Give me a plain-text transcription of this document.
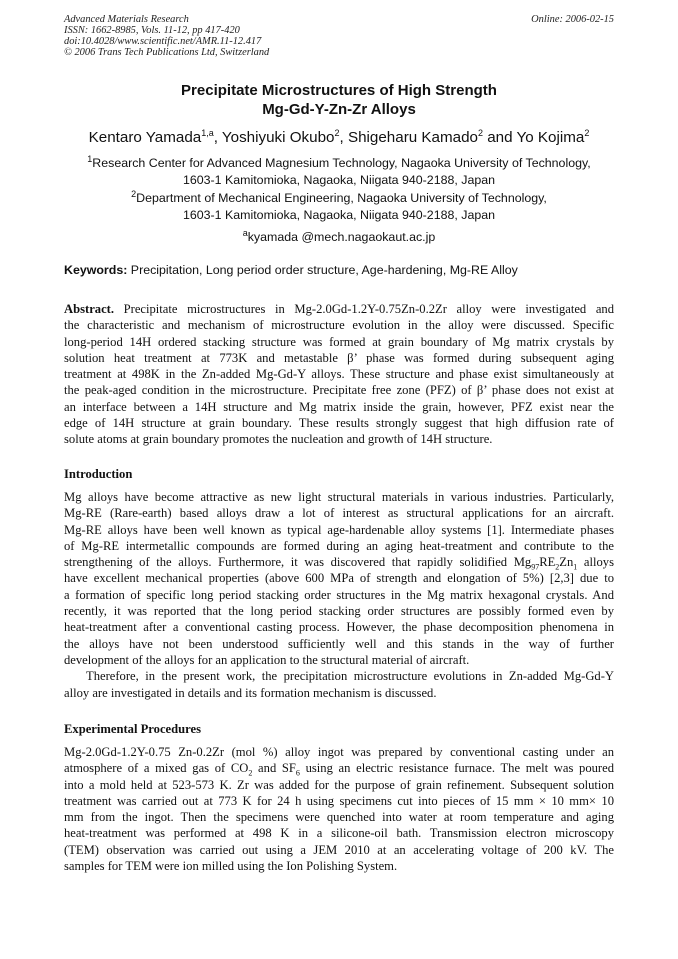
Advanced Materials Research
ISSN: 1662-8985, Vols. 11-12, pp 417-420
doi:10.4028/www.scientific.net/AMR.11-12.417
© 2006 Trans Tech Publications Ltd, Switzerland
Online: 2006-02-15
Precipitate Microstructures of High Strength
Mg-Gd-Y-Zn-Zr Alloys
Kentaro Yamada$^{1,a}$, Yoshiyuki Okubo$^2$, Shigeharu Kamado$^2$ and Yo Kojima$^2$
$^1$Research Center for Advanced Magnesium Technology, Nagaoka University of Technology,
1603-1 Kamitomioka, Nagaoka, Niigata 940-2188, Japan
$^2$Department of Mechanical Engineering, Nagaoka University of Technology,
1603-1 Kamitomioka, Nagaoka, Niigata 940-2188, Japan
$^a$kyamada @mech.nagaokaut.ac.jp
Keywords: Precipitation, Long period order structure, Age-hardening, Mg-RE Alloy
Abstract. Precipitate microstructures in Mg-2.0Gd-1.2Y-0.75Zn-0.2Zr alloy were investigated and
the characteristic and mechanism of microstructure evolution in the alloy were discussed. Specific
long-period 14H ordered stacking structure was formed at grain boundary of Mg matrix crystals by
solution heat treatment at 773K and metastable β’ phase was formed during subsequent aging
treatment at 498K in the Zn-added Mg-Gd-Y alloys. These structure and phase exist simultaneously at
the peak-aged condition in the microstructure. Precipitate free zone (PFZ) of β’ phase does not exist at
an interface between a 14H structure and Mg matrix inside the grain, however, PFZ exist near the
edge of 14H structure at grain boundary. These results strongly suggest that high diffusion rate of
solute atoms at grain boundary promotes the nucleation and growth of 14H structure.
Introduction
Mg alloys have become attractive as new light structural materials in various industries. Particularly,
Mg-RE (Rare-earth) based alloys draw a lot of interest as structural applications for an aircraft.
Mg-RE alloys have been well known as typical age-hardenable alloy systems [1]. Intermediate phases
of Mg-RE intermetallic compounds are formed during an aging heat-treatment and contribute to the
strengthening of the alloys. Furthermore, it was discovered that rapidly solidified $Mg_{97}RE_2Zn_1$ alloys
have excellent mechanical properties (above 600 MPa of strength and elongation of 5%) [2,3] due to
a formation of specific long period stacking order structures in the Mg matrix hexagonal crystals. And
recently, it was reported that the long period stacking order structures are possibly formed even by
heat-treatment after a conventional casting process. However, the phase decomposition phenomena in
the alloys have not been understood sufficiently well and this stands in the way of further
development of the alloys for an application to the structural material of aircraft.
Therefore, in the present work, the precipitation microstructure evolutions in Zn-added Mg-Gd-Y
alloy are investigated in details and its formation mechanism is discussed.
Experimental Procedures
Mg-2.0Gd-1.2Y-0.75 Zn-0.2Zr (mol %) alloy ingot was prepared by conventional casting under an
atmosphere of a mixed gas of $CO_2$ and $SF_6$ using an electric resistance furnace. The melt was poured
into a mold held at 523-573 K. Zr was added for the purpose of grain refinement. Subsequent solution
treatment was carried out at 773 K for 24 h using specimens cut into pieces of 15 mm × 10 mm× 10
mm from the ingot. Then the specimens were quenched into water at room temperature and aging
heat-treatment was performed at 498 K in a silicone-oil bath. Transmission electron microscopy
(TEM) observation was carried out using a JEM 2010 at an accelerating voltage of 200 kV. The
samples for TEM were ion milled using the Ion Polishing System.
